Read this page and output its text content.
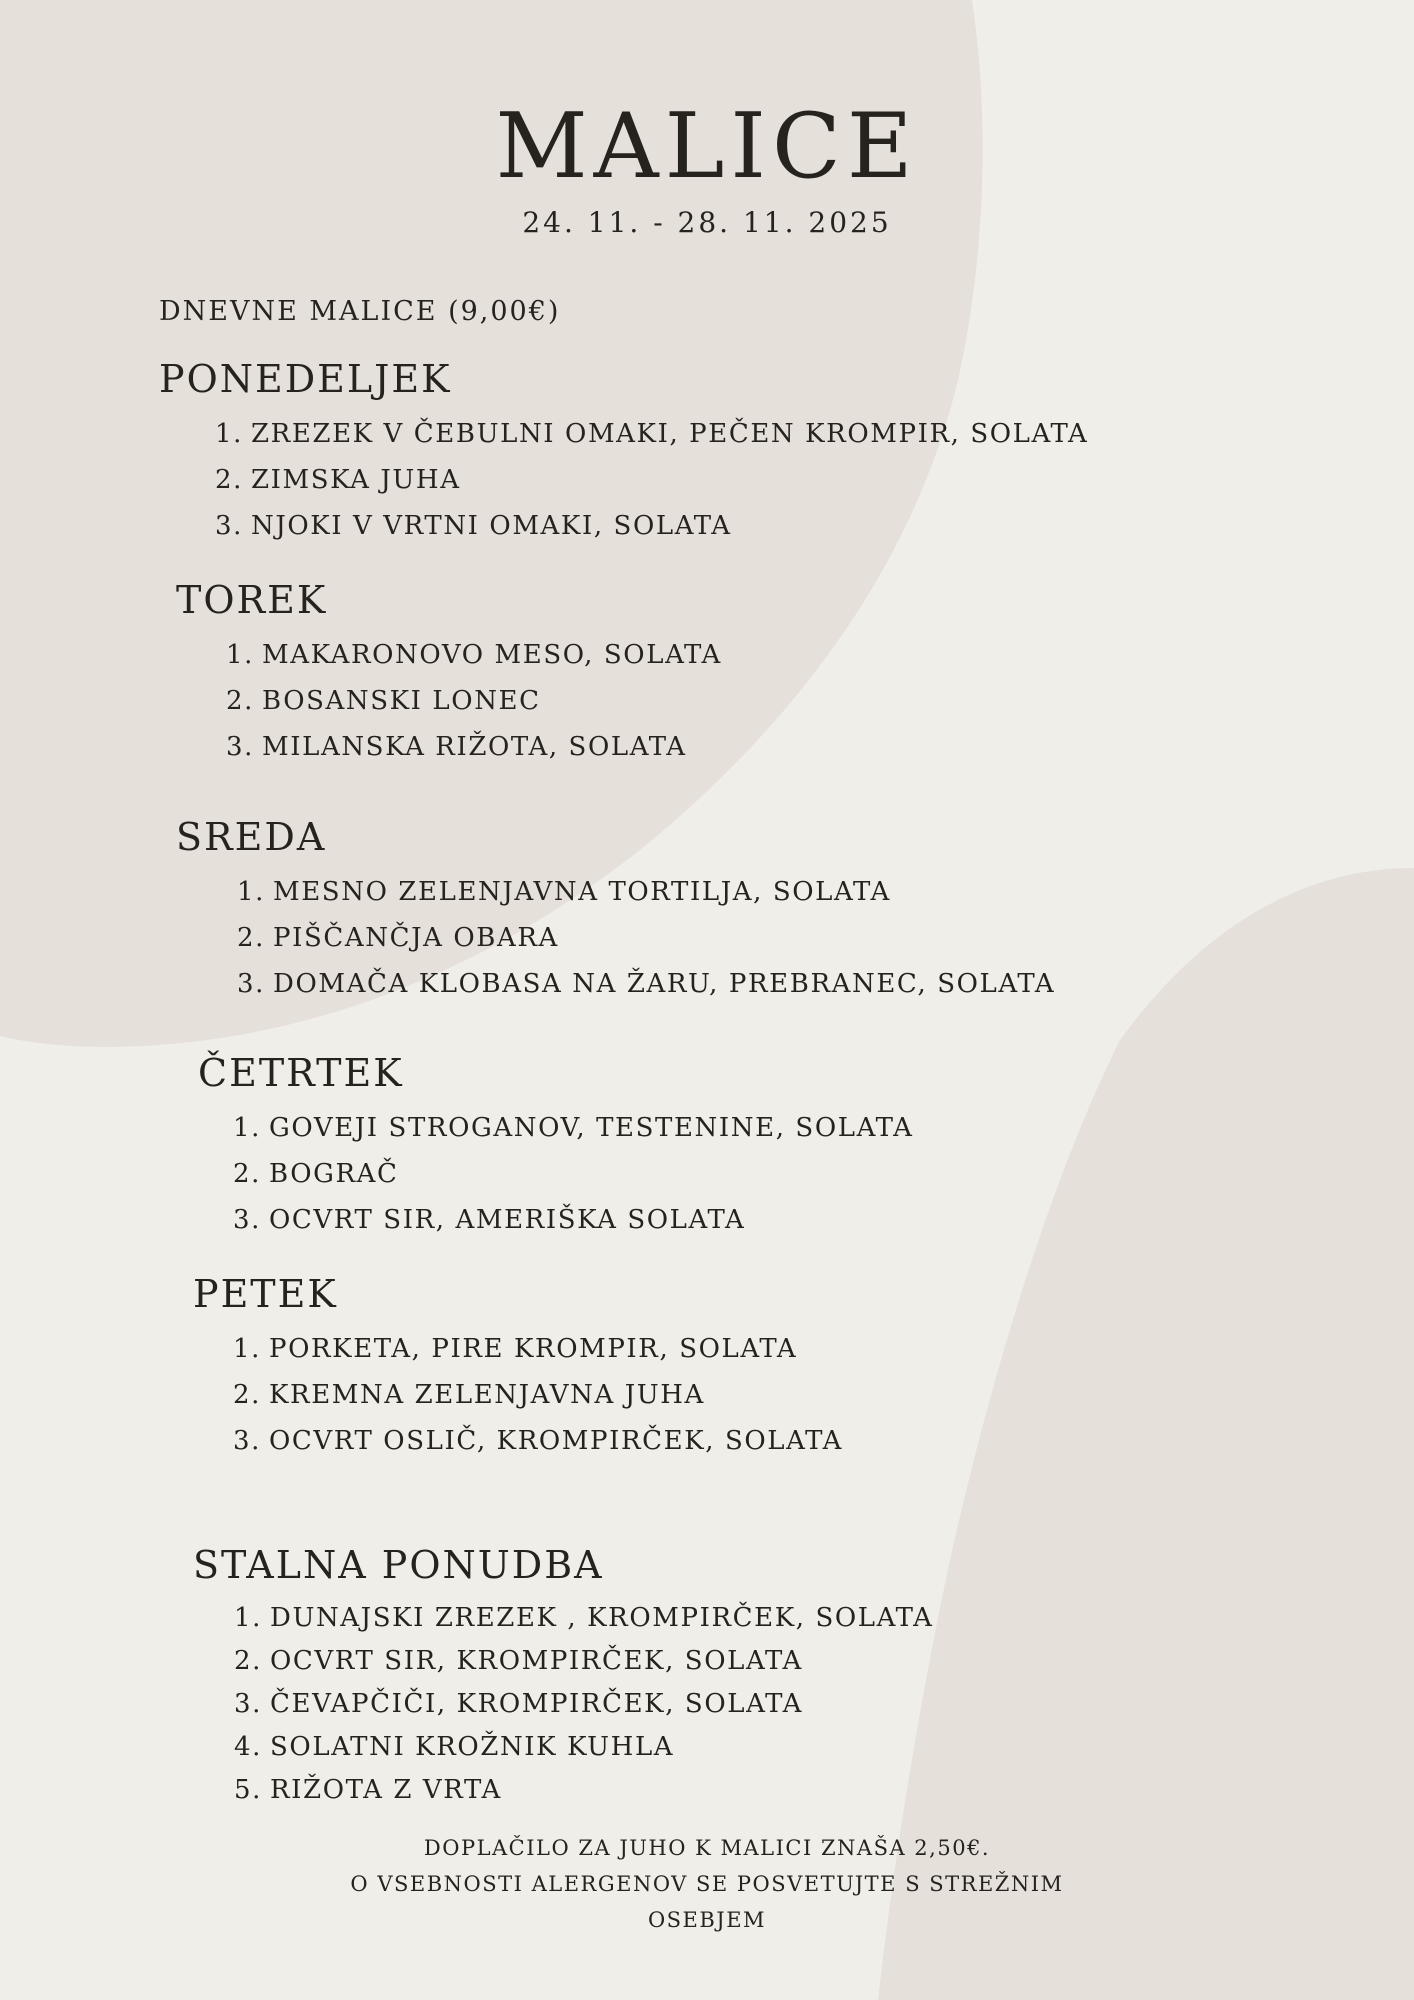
MALICE

24. 11. - 28. 11. 2025

DNEVNE MALICE (9,00€)

PONEDELJEK
1. ZREZEK V ČEBULNI OMAKI, PEČEN KROMPIR, SOLATA
2. ZIMSKA JUHA
3. NJOKI V VRTNI OMAKI, SOLATA
TOREK
1. MAKARONOVO MESO, SOLATA
2. BOSANSKI LONEC
3. MILANSKA RIŽOTA, SOLATA
SREDA
1. MESNO ZELENJAVNA TORTILJA, SOLATA
2. PIŠČANČJA OBARA
3. DOMAČA KLOBASA NA ŽARU, PREBRANEC, SOLATA
ČETRTEK
1. GOVEJI STROGANOV, TESTENINE, SOLATA
2. BOGRAČ
3. OCVRT SIR, AMERIŠKA SOLATA
PETEK
1. PORKETA, PIRE KROMPIR, SOLATA
2. KREMNA ZELENJAVNA JUHA
3. OCVRT OSLIČ, KROMPIRČEK, SOLATA
STALNA PONUDBA
1. DUNAJSKI ZREZEK , KROMPIRČEK, SOLATA
2. OCVRT SIR, KROMPIRČEK, SOLATA
3. ČEVAPČIČI, KROMPIRČEK, SOLATA
4. SOLATNI KROŽNIK KUHLA
5. RIŽOTA Z VRTA

DOPLAČILO ZA JUHO K MALICI ZNAŠA 2,50€.

O VSEBNOSTI ALERGENOV SE POSVETUJTE S STREŽNIM

OSEBJEM
